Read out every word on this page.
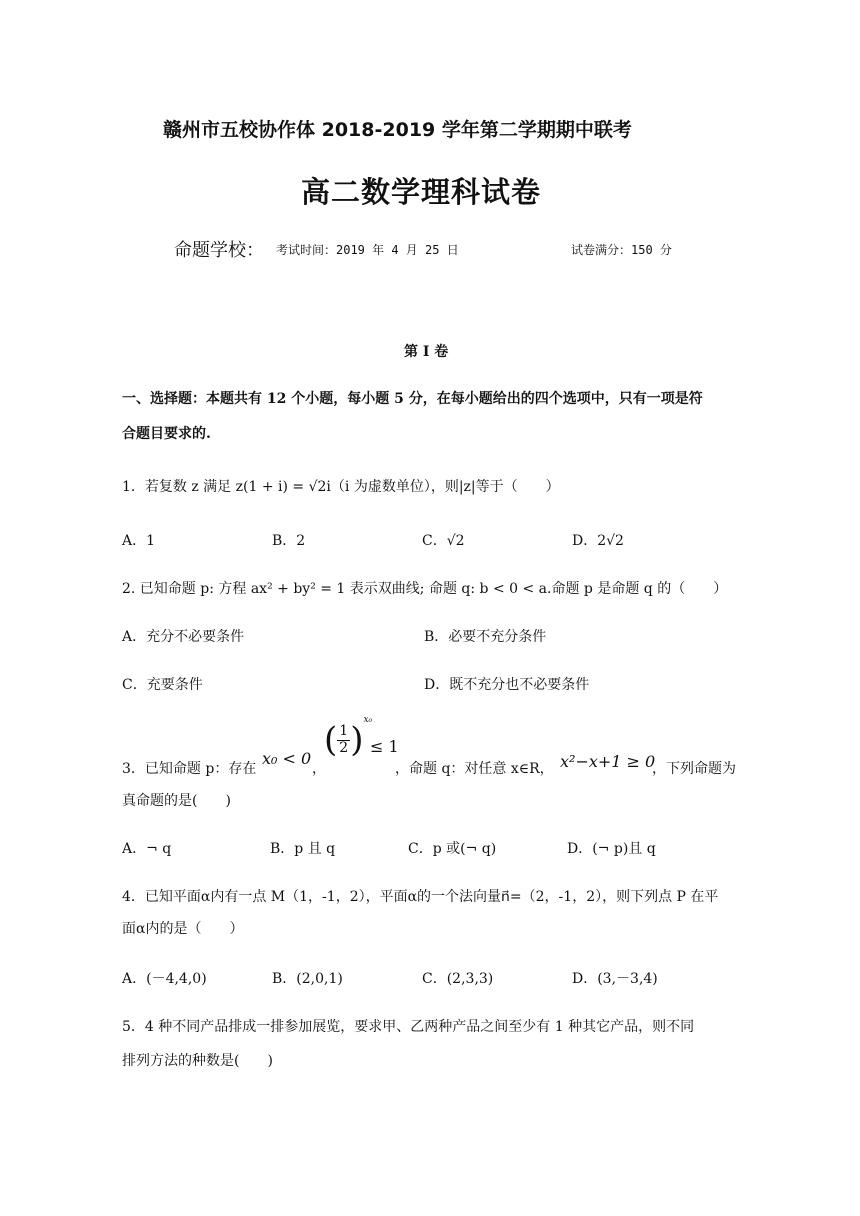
赣州市五校协作体 2018-2019 学年第二学期期中联考
高二数学理科试卷
命题学校： 考试时间：2019 年 4 月 25 日	试卷满分：150 分
第 I 卷
一、选择题：本题共有 12 个小题，每小题 5 分，在每小题给出的四个选项中，只有一项是符
合题目要求的.
1．若复数 z 满足 z(1 + i) = √2i（i 为虚数单位），则|z|等于（　　）
A．1	B．2	C．√2	D．2√2
2. 已知命题 p: 方程 ax² + by² = 1 表示双曲线; 命题 q: b < 0 < a.命题 p 是命题 q 的（　　）
A．充分不必要条件	B．必要不充分条件
C．充要条件	D．既不充分也不必要条件
3．已知命题 p：存在
x₀ < 0
，
( $\frac{1}{2} )^{x_0}$
≤ 1
，命题 q：对任意 x∈R， x²−x+1 ≥ 0
，下列命题为
真命题的是(　　)
A．¬ q	B．p 且 q	C．p 或(¬ q)	D．(¬ p)且 q
4．已知平面α内有一点 M（1，-1，2），平面α的一个法向量n⃗=（2，-1，2），则下列点 P 在平
面α内的是（　　）
A．(－4,4,0)	B．(2,0,1)	C．(2,3,3)	D．(3,－3,4)
5．4 种不同产品排成一排参加展览，要求甲、乙两种产品之间至少有 1 种其它产品，则不同
排列方法的种数是(　　)
